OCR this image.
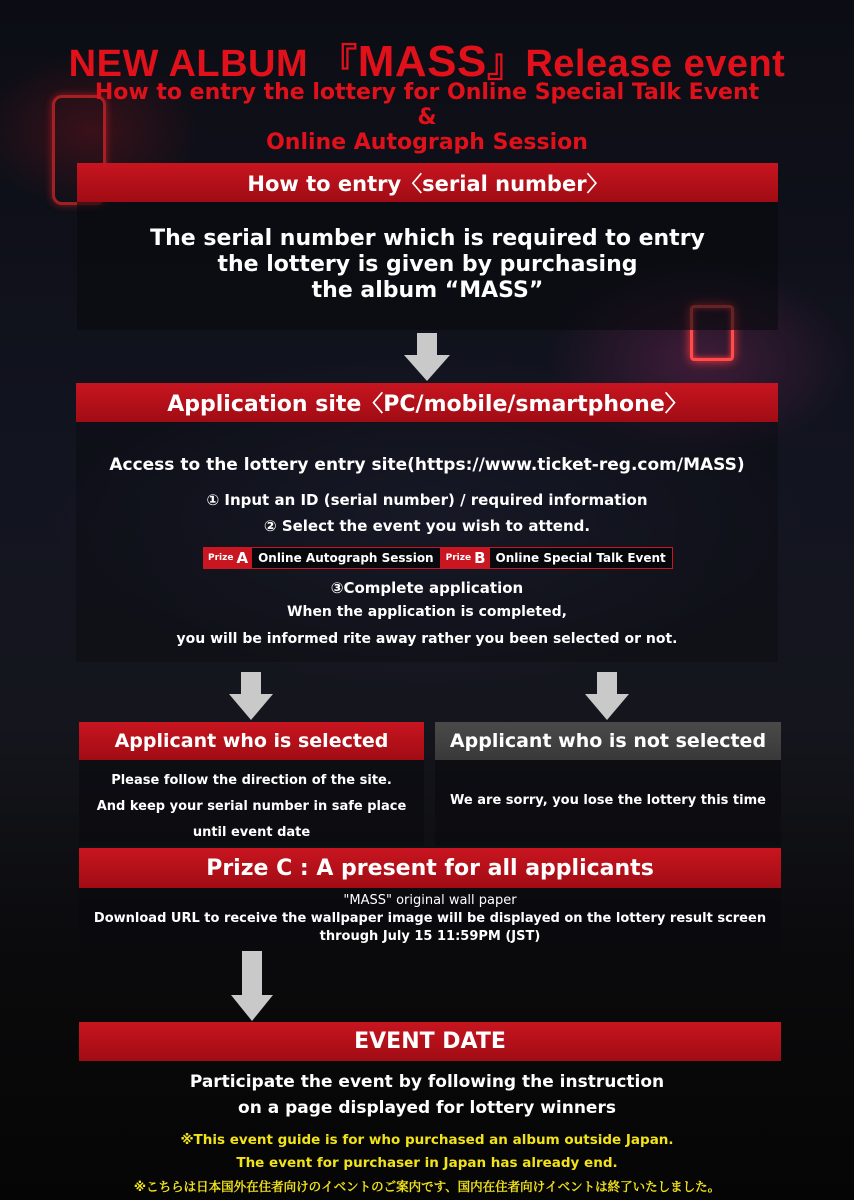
NEW ALBUM 『MASS』Release event
How to entry the lottery for Online Special Talk Event
&
Online Autograph Session
How to entry〈serial number〉
The serial number which is required to entry
the lottery is given by purchasing
the album “MASS”
Application site〈PC/mobile/smartphone〉
Access to the lottery entry site(https://www.ticket-reg.com/MASS)
① Input an ID (serial number) / required information
② Select the event you wish to attend.
Prize A Online Autograph Session	Prize B Online Special Talk Event
③Complete application
When the application is completed,
you will be informed rite away rather you been selected or not.
Applicant who is selected
Please follow the direction of the site.
And keep your serial number in safe place
until event date
Applicant who is not selected
We are sorry, you lose the lottery this time
Prize C : A present for all applicants
"MASS" original wall paper
Download URL to receive the wallpaper image will be displayed on the lottery result screen
through July 15 11:59PM (JST)
EVENT DATE
Participate the event by following the instruction
on a page displayed for lottery winners
※This event guide is for who purchased an album outside Japan.
The event for purchaser in Japan has already end.
※こちらは日本国外在住者向けのイベントのご案内です、国内在住者向けイベントは終了いたしました。
